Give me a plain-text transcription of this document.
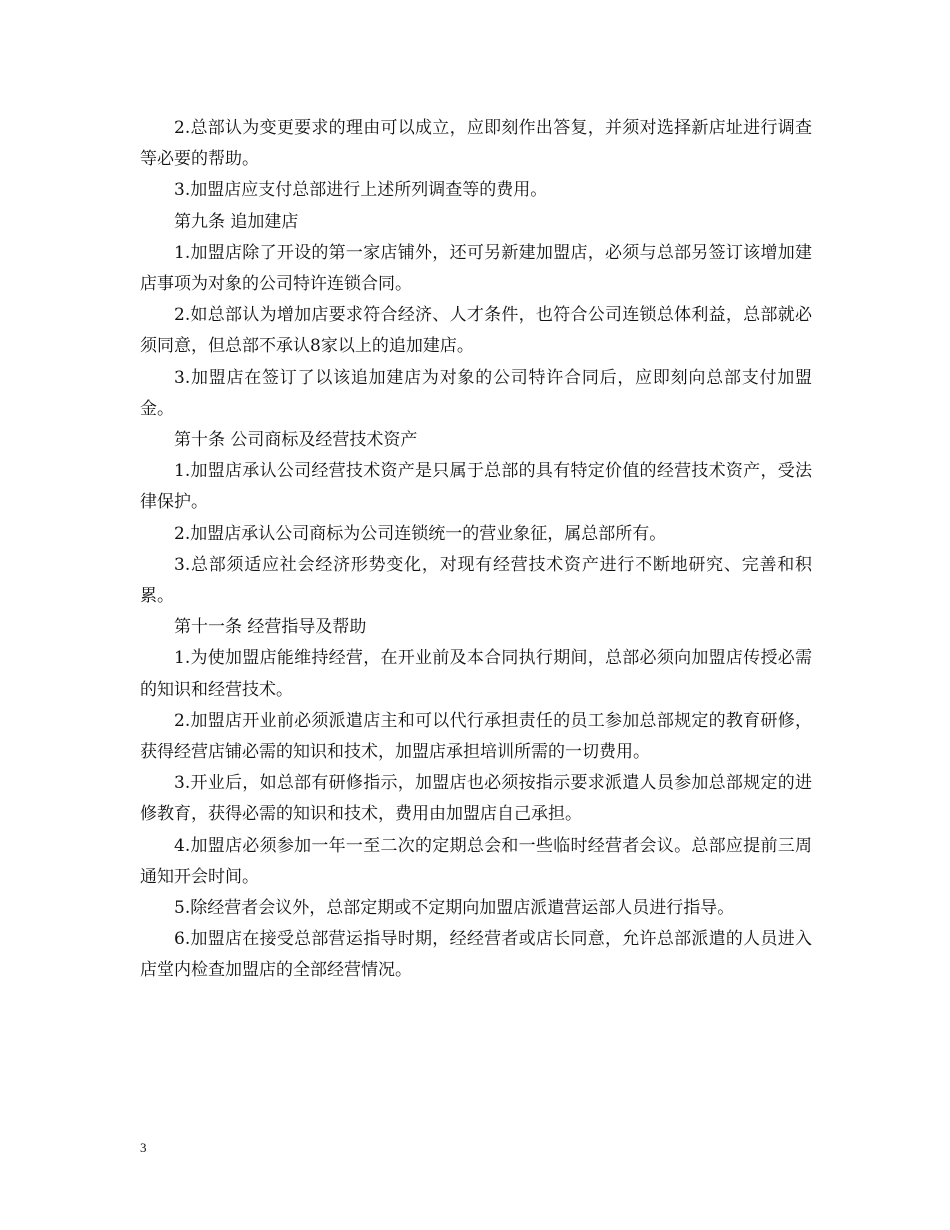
2.总部认为变更要求的理由可以成立，应即刻作出答复，并须对选择新店址进行调查等必要的帮助。

3.加盟店应支付总部进行上述所列调查等的费用。

第九条 追加建店

1.加盟店除了开设的第一家店铺外，还可另新建加盟店，必须与总部另签订该增加建店事项为对象的公司特许连锁合同。

2.如总部认为增加店要求符合经济、人才条件，也符合公司连锁总体利益，总部就必须同意，但总部不承认8家以上的追加建店。

3.加盟店在签订了以该追加建店为对象的公司特许合同后，应即刻向总部支付加盟金。

第十条 公司商标及经营技术资产

1.加盟店承认公司经营技术资产是只属于总部的具有特定价值的经营技术资产，受法律保护。

2.加盟店承认公司商标为公司连锁统一的营业象征，属总部所有。

3.总部须适应社会经济形势变化，对现有经营技术资产进行不断地研究、完善和积累。

第十一条 经营指导及帮助

1.为使加盟店能维持经营，在开业前及本合同执行期间，总部必须向加盟店传授必需的知识和经营技术。

2.加盟店开业前必须派遣店主和可以代行承担责任的员工参加总部规定的教育研修，获得经营店铺必需的知识和技术，加盟店承担培训所需的一切费用。

3.开业后，如总部有研修指示，加盟店也必须按指示要求派遣人员参加总部规定的进修教育，获得必需的知识和技术，费用由加盟店自己承担。

4.加盟店必须参加一年一至二次的定期总会和一些临时经营者会议。总部应提前三周通知开会时间。

5.除经营者会议外，总部定期或不定期向加盟店派遣营运部人员进行指导。

6.加盟店在接受总部营运指导时期，经经营者或店长同意，允许总部派遣的人员进入店堂内检查加盟店的全部经营情况。

3
